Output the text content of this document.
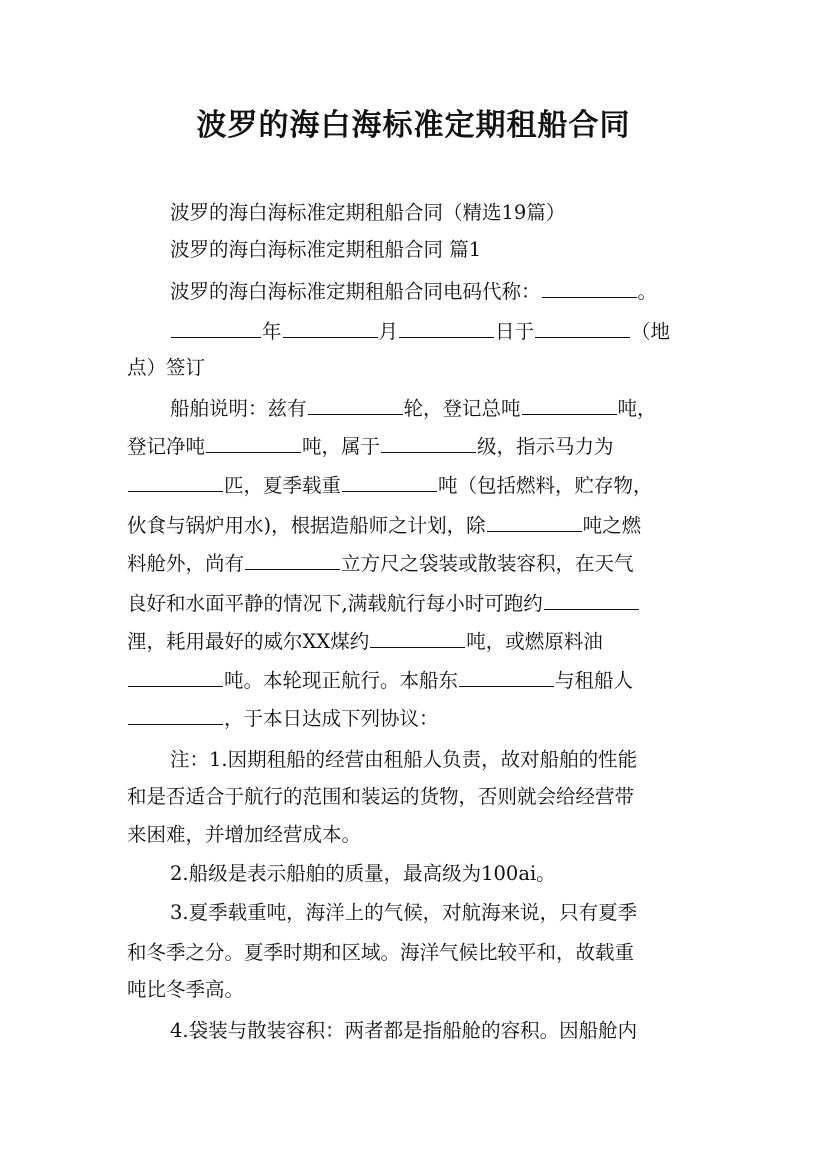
波罗的海白海标准定期租船合同
波罗的海白海标准定期租船合同（精选19篇）
波罗的海白海标准定期租船合同 篇1
波罗的海白海标准定期租船合同电码代称：	。
年	月	日于	（地
点）签订
船舶说明：兹有	轮，登记总吨	吨，
登记净吨	吨，属于	级，指示马力为
匹，夏季载重	吨（包括燃料，贮存物，
伙食与锅炉用水)，根据造船师之计划，除	吨之燃
料舱外，尚有	立方尺之袋装或散装容积，在天气
良好和水面平静的情况下,满载航行每小时可跑约
浬，耗用最好的威尔XX煤约	吨，或燃原料油
吨。本轮现正航行。本船东	与租船人
，于本日达成下列协议：
注：1.因期租船的经营由租船人负责，故对船舶的性能
和是否适合于航行的范围和装运的货物，否则就会给经营带
来困难，并增加经营成本。
2.船级是表示船舶的质量，最高级为100ai。
3.夏季载重吨，海洋上的气候，对航海来说，只有夏季
和冬季之分。夏季时期和区域。海洋气候比较平和，故载重
吨比冬季高。
4.袋装与散装容积：两者都是指船舱的容积。因船舱内
